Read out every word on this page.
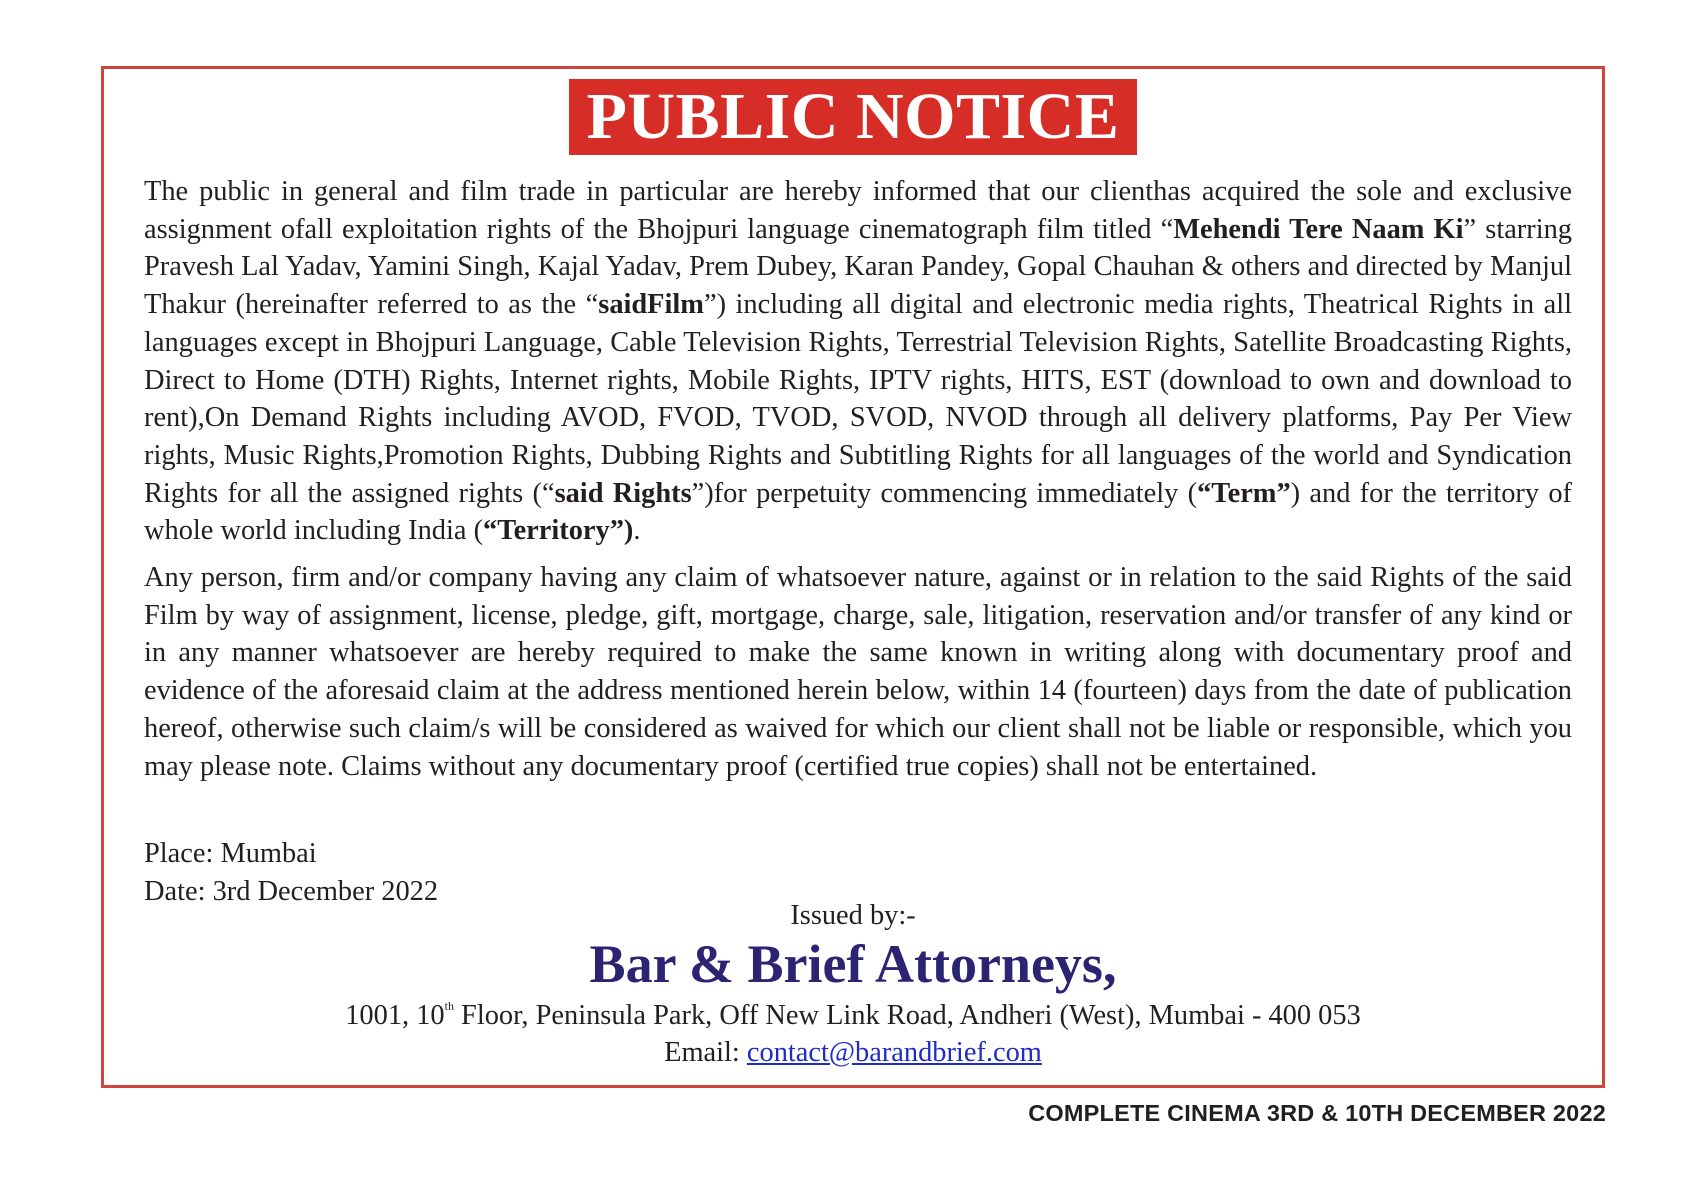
PUBLIC NOTICE

The public in general and film trade in particular are hereby informed that our clienthas acquired the sole and exclusive assignment ofall exploitation rights of the Bhojpuri language cinematograph film titled “Mehendi Tere Naam Ki” starring Pravesh Lal Yadav, Yamini Singh, Kajal Yadav, Prem Dubey, Karan Pandey, Gopal Chauhan & others and directed by Manjul Thakur (hereinafter referred to as the “saidFilm”) including all digital and electronic media rights, Theatrical Rights in all languages except in Bhojpuri Language, Cable Television Rights, Terrestrial Television Rights, Satellite Broadcasting Rights, Direct to Home (DTH) Rights, Internet rights, Mobile Rights, IPTV rights, HITS, EST (download to own and download to rent),On Demand Rights including AVOD, FVOD, TVOD, SVOD, NVOD through all delivery platforms, Pay Per View rights, Music Rights,Promotion Rights, Dubbing Rights and Subtitling Rights for all languages of the world and Syndication Rights for all the assigned rights (“said Rights”)for perpetuity commencing immediately (“Term”) and for the territory of whole world including India (“Territory”).

Any person, firm and/or company having any claim of whatsoever nature, against or in relation to the said Rights of the said Film by way of assignment, license, pledge, gift, mortgage, charge, sale, litigation, reservation and/or transfer of any kind or in any manner whatsoever are hereby required to make the same known in writing along with documentary proof and evidence of the aforesaid claim at the address mentioned herein below, within 14 (fourteen) days from the date of publication hereof, otherwise such claim/s will be considered as waived for which our client shall not be liable or responsible, which you may please note. Claims without any documentary proof (certified true copies) shall not be entertained.

Place: Mumbai
Date: 3rd December 2022
Issued by:-
Bar & Brief Attorneys,
1001, 10th Floor, Peninsula Park, Off New Link Road, Andheri (West), Mumbai - 400 053
Email: contact@barandbrief.com
COMPLETE CINEMA 3RD & 10TH DECEMBER 2022
